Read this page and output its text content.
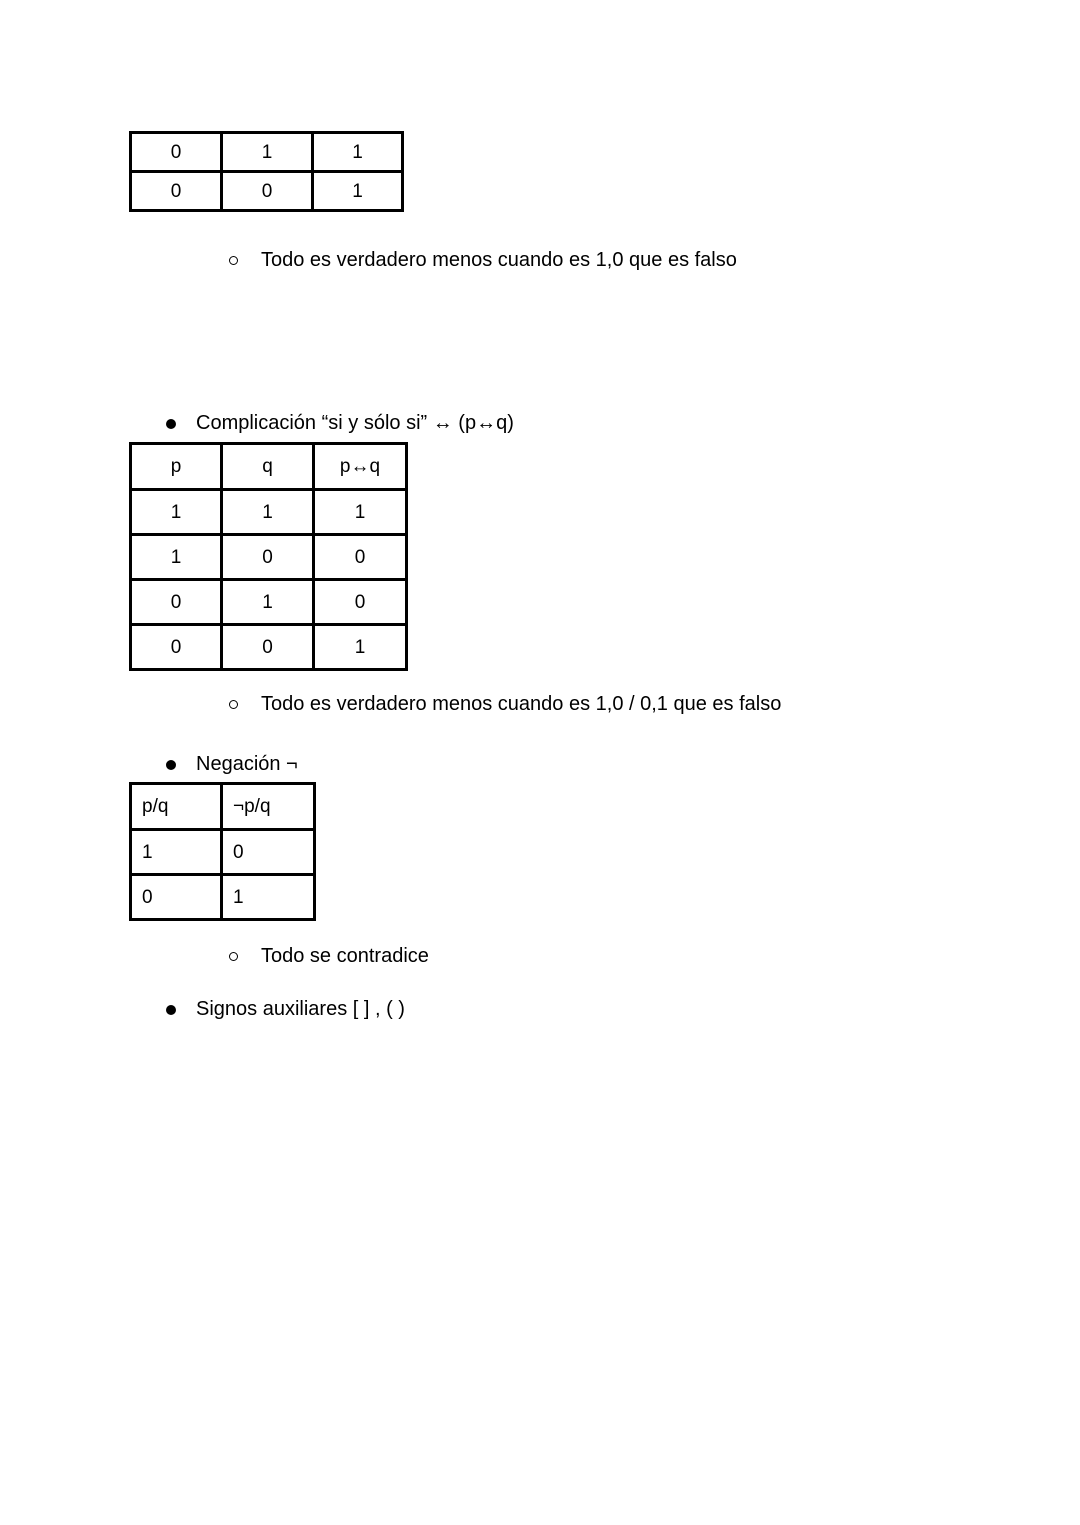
0	1	1
0	0	1
Todo es verdadero menos cuando es 1,0 que es falso
Complicación “si y sólo si” ↔ (p↔q)
p	q	p↔q
1	1	1
1	0	0
0	1	0
0	0	1
Todo es verdadero menos cuando es 1,0 / 0,1 que es falso
Negación ¬
p/q	¬p/q
1	0
0	1
Todo se contradice
Signos auxiliares [ ] , ( )
